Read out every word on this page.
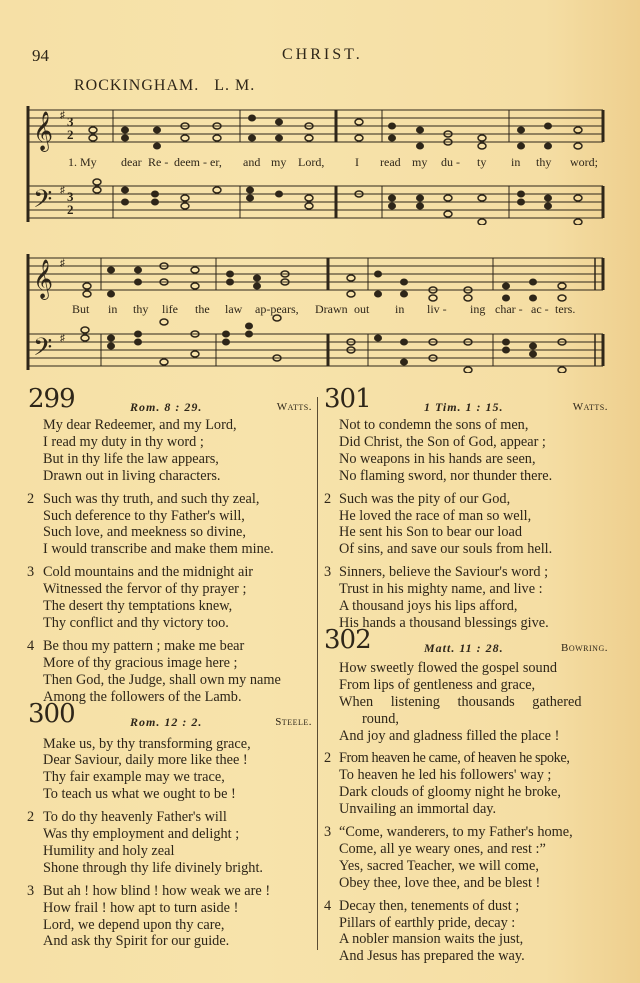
94	CHRIST.
ROCKINGHAM. L. M.
𝄞
𝄢
♯
♯
3
2
3
2
1. My dear Re - deem - er, and my Lord,	I read my du - ty in thy word;
𝄞
𝄢
♯
♯
But in thy life the law ap-pears, Drawn out in liv - ing char - ac - ters.
299	Rom. 8 : 29.	Watts.
My dear Redeemer, and my Lord,
I read my duty in thy word ;
But in thy life the law appears,
Drawn out in living characters.
2 Such was thy truth, and such thy zeal,
Such deference to thy Father's will,
Such love, and meekness so divine,
I would transcribe and make them mine.
3 Cold mountains and the midnight air
Witnessed the fervor of thy prayer ;
The desert thy temptations knew,
Thy conflict and thy victory too.
4 Be thou my pattern ; make me bear
More of thy gracious image here ;
Then God, the Judge, shall own my name
Among the followers of the Lamb.
300	Rom. 12 : 2.	Steele.
Make us, by thy transforming grace,
Dear Saviour, daily more like thee !
Thy fair example may we trace,
To teach us what we ought to be !
2 To do thy heavenly Father's will
Was thy employment and delight ;
Humility and holy zeal
Shone through thy life divinely bright.
3 But ah ! how blind ! how weak we are !
How frail ! how apt to turn aside !
Lord, we depend upon thy care,
And ask thy Spirit for our guide.
301	1 Tim. 1 : 15.	Watts.
Not to condemn the sons of men,
Did Christ, the Son of God, appear ;
No weapons in his hands are seen,
No flaming sword, nor thunder there.
2 Such was the pity of our God,
He loved the race of man so well,
He sent his Son to bear our load
Of sins, and save our souls from hell.
3 Sinners, believe the Saviour's word ;
Trust in his mighty name, and live :
A thousand joys his lips afford,
His hands a thousand blessings give.
302	Matt. 11 : 28.	Bowring.
How sweetly flowed the gospel sound
From lips of gentleness and grace,
When listening thousands gathered
round,
And joy and gladness filled the place !
2 From heaven he came, of heaven he spoke,
To heaven he led his followers' way ;
Dark clouds of gloomy night he broke,
Unvailing an immortal day.
3 “Come, wanderers, to my Father's home,
Come, all ye weary ones, and rest :”
Yes, sacred Teacher, we will come,
Obey thee, love thee, and be blest !
4 Decay then, tenements of dust ;
Pillars of earthly pride, decay :
A nobler mansion waits the just,
And Jesus has prepared the way.
